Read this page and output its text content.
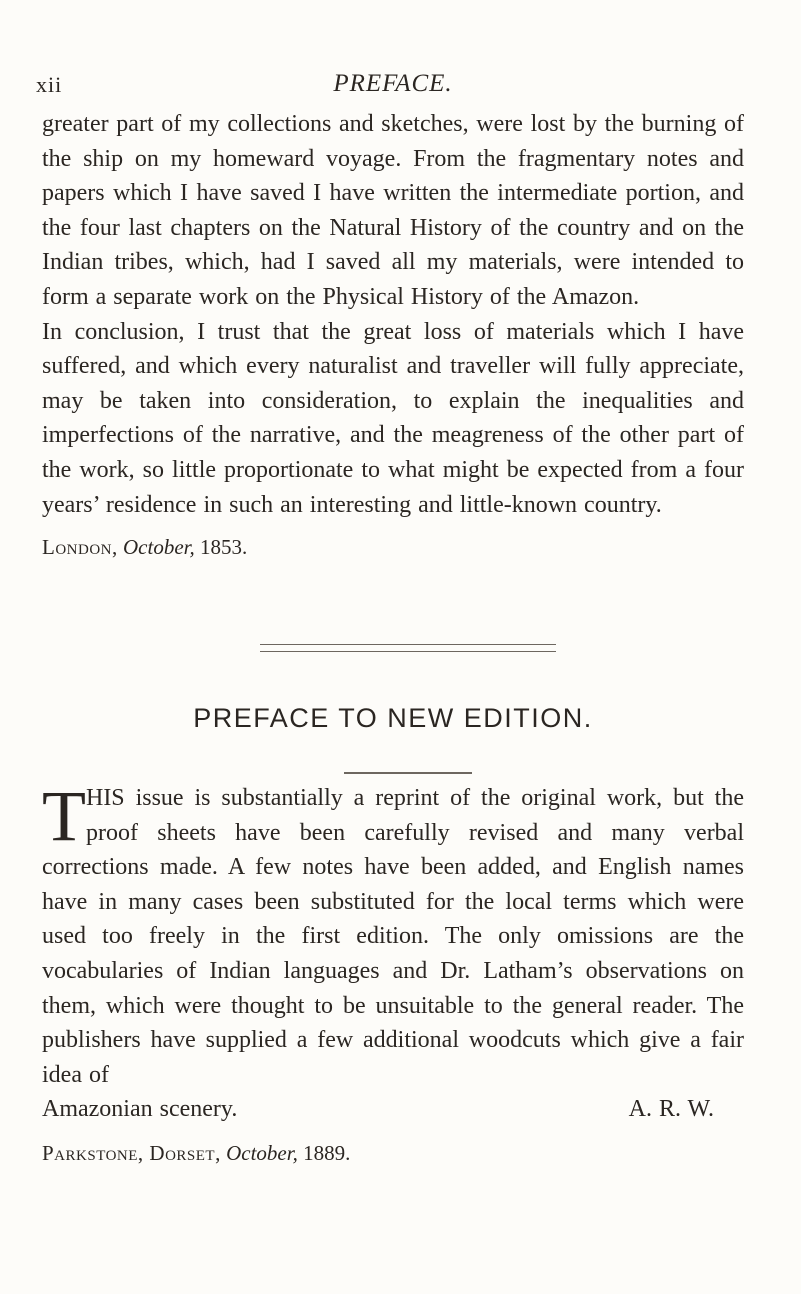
xii	PREFACE.

greater part of my collections and sketches, were lost by the burning of the ship on my homeward voyage. From the fragmentary notes and papers which I have saved I have written the intermediate portion, and the four last chapters on the Natural History of the country and on the Indian tribes, which, had I saved all my materials, were intended to form a separate work on the Physical History of the Amazon.

In conclusion, I trust that the great loss of materials which I have suffered, and which every naturalist and traveller will fully appreciate, may be taken into consideration, to explain the inequalities and imperfections of the narrative, and the meagreness of the other part of the work, so little proportionate to what might be expected from a four years’ residence in such an interesting and little-known country.

London, October, 1853.

PREFACE TO NEW EDITION.

T HIS issue is substantially a reprint of the original work, but the proof sheets have been carefully revised and many verbal corrections made. A few notes have been added, and English names have in many cases been substituted for the local terms which were used too freely in the first edition. The only omissions are the vocabularies of Indian languages and Dr. Latham’s observations on them, which were thought to be unsuitable to the general reader. The publishers have supplied a few additional woodcuts which give a fair idea of

Amazonian scenery.	A. R. W.

Parkstone, Dorset, October, 1889.
